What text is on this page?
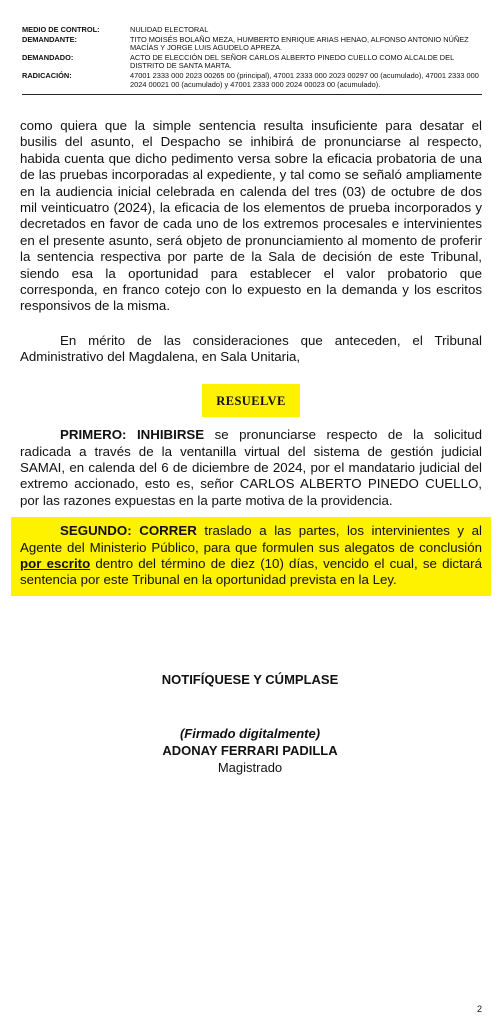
MEDIO DE CONTROL:	NULIDAD ELECTORAL
DEMANDANTE:	TITO MOISÉS BOLAÑO MEZA, HUMBERTO ENRIQUE ARIAS HENAO, ALFONSO ANTONIO NÚÑEZ MACÍAS Y JORGE LUIS AGUDELO APREZA.
DEMANDADO:	ACTO DE ELECCIÓN DEL SEÑOR CARLOS ALBERTO PINEDO CUELLO COMO ALCALDE DEL DISTRITO DE SANTA MARTA.
RADICACIÓN:	47001 2333 000 2023 00265 00 (principal), 47001 2333 000 2023 00297 00 (acumulado), 47001 2333 000 2024 00021 00 (acumulado) y 47001 2333 000 2024 00023 00 (acumulado).

como quiera que la simple sentencia resulta insuficiente para desatar el busilis del asunto, el Despacho se inhibirá de pronunciarse al respecto, habida cuenta que dicho pedimento versa sobre la eficacia probatoria de una de las pruebas incorporadas al expediente, y tal como se señaló ampliamente en la audiencia inicial celebrada en calenda del tres (03) de octubre de dos mil veinticuatro (2024), la eficacia de los elementos de prueba incorporados y decretados en favor de cada uno de los extremos procesales e intervinientes en el presente asunto, será objeto de pronunciamiento al momento de proferir la sentencia respectiva por parte de la Sala de decisión de este Tribunal, siendo esa la oportunidad para establecer el valor probatorio que corresponda, en franco cotejo con lo expuesto en la demanda y los escritos responsivos de la misma.

En mérito de las consideraciones que anteceden, el Tribunal Administrativo del Magdalena, en Sala Unitaria,

RESUELVE

PRIMERO: INHIBIRSE se pronunciarse respecto de la solicitud radicada a través de la ventanilla virtual del sistema de gestión judicial SAMAI, en calenda del 6 de diciembre de 2024, por el mandatario judicial del extremo accionado, esto es, señor CARLOS ALBERTO PINEDO CUELLO, por las razones expuestas en la parte motiva de la providencia.

SEGUNDO: CORRER traslado a las partes, los intervinientes y al Agente del Ministerio Público, para que formulen sus alegatos de conclusión por escrito dentro del término de diez (10) días, vencido el cual, se dictará sentencia por este Tribunal en la oportunidad prevista en la Ley.

NOTIFÍQUESE Y CÚMPLASE
(Firmado digitalmente)
ADONAY FERRARI PADILLA
Magistrado
2
